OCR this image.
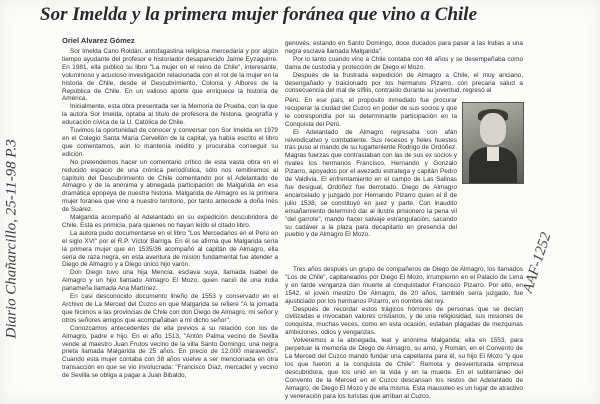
Sor Imelda y la primera mujer foránea que vino a Chile
Oriel Alvarez Gómez

Sor Imelda Cano Roldán, antofagastina religiosa mercedaria y por algún tiempo ayudante del profesor e historiador desaparecido Jaime Eyzaguirre. En 1981, ella publicó su libro "La mujer en el reino de Chile", interesante, voluminoso y acucioso investigación relacionada con el rol de la mujer en la historia de Chile, desde el Descubrimiento, Colonia y Albores de la República de Chile. En un valioso aporte que enriquece la historia de América.

Inicialmente, esta obra presentada ser la Memoria de Prueba, con la que la autora Sor Imelda, optaba al título de profesora de historia, geografía y educación cívica de la U. Católica de Chile.

Tuvimos la oportunidad de conocer y conversar con Sor Imelda en 1979 en el Colegio Santa María Cervellón de la capital, ya había escrito el libro que comentamos, aún lo mantenía inédito y procuraba conseguir su edición.

No pretendemos hacer un comentario crítico de esta vasta obra en el reducido espacio de una crónica periodística, sólo nos remitiremos al capítulo del Descubrimiento de Chile comentando por el Adelantado de Almagro y de la anónima y abnegada participación de Malgarida en esa dramática epopeya de nuestra historia. Malgarida de Almagro es la primera mujer foránea que vino a nuestro territorio, por tanto antecede a doña Inés de Suárez.

Malgarida acompañó al Adelantado en su expedición descubridora de Chile. Esta es primicia, para quienes no hayan leído el citado libro.

La autora pudo documentarse en el libro "Los Mercedarios en el Perú en el siglo XVI" por el R.P. Víctor Barriga. En él se afirma que Malgarida sería la primera mujer que en 1535/36 acompañó al capitán de Almagro, ella sería de raza negra, en esta aventura de misión fundamental fue atender a Diego de Almagro y a Diego único hijo varón.

Don Diego tuvo una hija Mencía, esclava suya, llamada Isabel de Almagro y un hijo llamado Almagro El Mozo, quien nació de una india panameña llamada Ana Martínez.

En casi desconocido documento lineño de 1553 y conservado en el Archivo de La Merced del Cuzco en que Malgarida se refiere "A la jornada que hicimos a las provincias de Chile con don Diego de Almagro, mi señor y otros señores amigos que acompañaban a mi dicho señor".

Conozcamos antecedentes de ella previos a su relación con los de Almagro, padre e hijo. En el año 1513, "Antón Palma vecino de Sevilla vende al maestro Juan Frutos vecino de la villa Santo Domingo, una negra prieta llamada Malgarida de 25 años. En precio de 12.000 maravedís". Cuando esta mujer contaba con 38 años vuelve a ser mencionada en otra transacción en que se vio involucrada: "Francisco Díaz, mercader y vecino de Sevilla se obliga a pagar a Juan Bibaldo,

genovés, estando en Santo Domingo, doce ducados para pasar a las Indias a una negra esclava llamada Malgarida".

Por lo tanto cuando vino a Chile contaba con 48 años y se desempeñaba como dama de custodia y protección de Diego el Mozo.

Después de la frustrada expedición de Almagro a Chile, el muy anciano, desengañado y traicionado por los hermanos Pizarro, con precaria salud a consecuencia del mal de sífilis, contraído durante su juventud, regresó al

Perú. En ese país, el propósito inmediato fue procurar recuperar la ciudad del Cuzco en poder de sus socios y que le correspondía por su determinante participación en la Conquista del Perú.

El Adelantado de Almagro regresaba con afán reivindicativo y combatiente. Sus recesos y fieles huestes tras puso al mando de su lugarteniente Rodrigo de Ordóñez. Magras fuerzas que contrastaban con las de sus ex socios y rivales los hermanos Francisco, Hernando y Gonzalo Pizarro, apoyados por el avezado estratega y capitán Pedro de Valdivia. El enfrentamiento en el campo de Las Salinas fue desigual, Ordóñez fue derrotado. Diego de Almagro encarcelado y juzgado por Hernando Pizarro quien el 8 de julio 1538, se constituyó en juez y parte. Con inaudito ensañamiento determinó dar al ilustre prisionero la pena vil "del garrote", mando hacer salvaje estrangulación, sacando su cadáver a la plaza para decapitarlo en presencia del pueblo y de Almagro El Mozo.

Tres años después un grupo de compañeros de Diego de Almagro, los llamados "Los de Chile", capitaneados por Diego El Mozo, irrumpieron en el Palacio de Lima y en tarde venganza dan muerte al conquistador Francisco Pizarro. Por ello, en 1542, el joven mestizo De Almagro, de 20 años, también sería juzgado, fue ajusticiado por los hermanos Pizarro, en nombre del rey.

Después de recordar estos trágicos hórrores de personas que se decían civilizadas e invocaban valores cristianos, y de una religiosidad, sus misiones de conquista, muchas veces, como en esta ocasión, estaban plagadas de mezquinas ambiciones, odios y venganzas.

Volveremos a la abnegada, leal y anónima Malgarida; ella en 1553, para perpetuar la memoria de Diego de Almagro, su amo, y Román, en el Convento de La Merced del Cuzco mandó fundar una capellanía para él, su hijo El Mozo "y que los que fueron a la conquista de Chile". Remota y desventurada empresa descubridora, que los unió en la vida y en la muerte. En el subterráneo del Convento de la Merced en el Cuzco descansan los restos del Adelantado de Almagro, de Diego El Mozo y de ella misma. Esta mausoleo es un lugar de atractivo y veneración para los turistas que arriban al Cuzco.

Diario Chañarcillo, 25-11-98 P.3	AAF-1252
